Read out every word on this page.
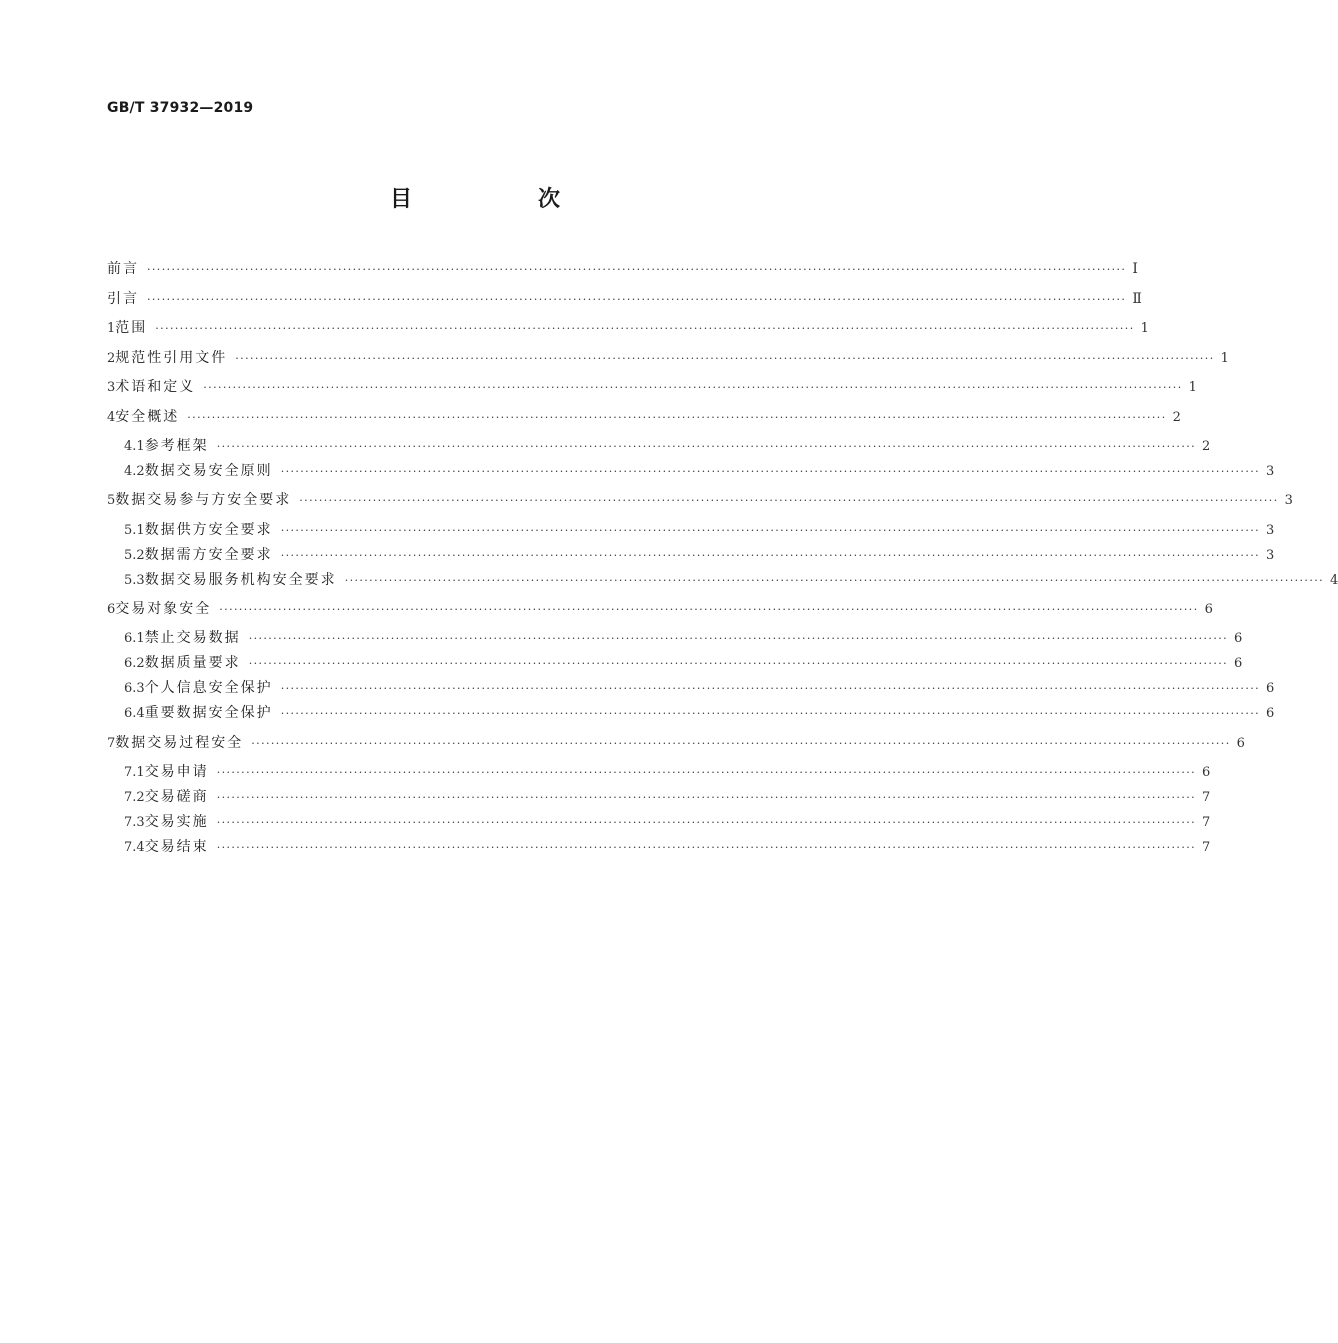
GB/T 37932—2019
目　次
前言 ········································································································································································································ Ⅰ
引言 ········································································································································································································ Ⅱ
1 范围 ········································································································································································································ 1
2 规范性引用文件 ········································································································································································································ 1
3 术语和定义 ········································································································································································································ 1
4 安全概述 ········································································································································································································ 2
4.1 参考框架 ········································································································································································································ 2
4.2 数据交易安全原则 ········································································································································································································ 3
5 数据交易参与方安全要求 ········································································································································································································ 3
5.1 数据供方安全要求 ········································································································································································································ 3
5.2 数据需方安全要求 ········································································································································································································ 3
5.3 数据交易服务机构安全要求 ········································································································································································································ 4
6 交易对象安全 ········································································································································································································ 6
6.1 禁止交易数据 ········································································································································································································ 6
6.2 数据质量要求 ········································································································································································································ 6
6.3 个人信息安全保护 ········································································································································································································ 6
6.4 重要数据安全保护 ········································································································································································································ 6
7 数据交易过程安全 ········································································································································································································ 6
7.1 交易申请 ········································································································································································································ 6
7.2 交易磋商 ········································································································································································································ 7
7.3 交易实施 ········································································································································································································ 7
7.4 交易结束 ········································································································································································································ 7
